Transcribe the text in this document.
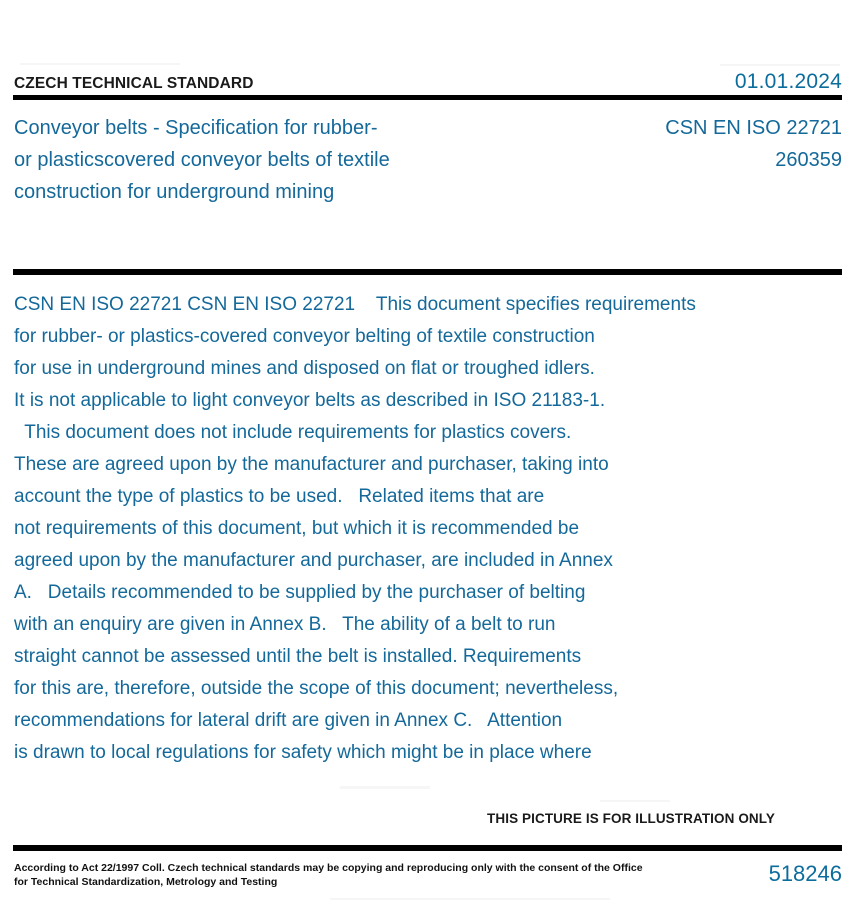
CZECH TECHNICAL STANDARD	01.01.2024
Conveyor belts - Specification for rubber-	CSN EN ISO 22721
or plasticscovered conveyor belts of textile	260359
construction for underground mining
CSN EN ISO 22721 CSN EN ISO 22721    This document specifies requirements
for rubber- or plastics-covered conveyor belting of textile construction
for use in underground mines and disposed on flat or troughed idlers.
It is not applicable to light conveyor belts as described in ISO 21183-1.
This document does not include requirements for plastics covers.
These are agreed upon by the manufacturer and purchaser, taking into
account the type of plastics to be used.   Related items that are
not requirements of this document, but which it is recommended be
agreed upon by the manufacturer and purchaser, are included in Annex
A.   Details recommended to be supplied by the purchaser of belting
with an enquiry are given in Annex B.   The ability of a belt to run
straight cannot be assessed until the belt is installed. Requirements
for this are, therefore, outside the scope of this document; nevertheless,
recommendations for lateral drift are given in Annex C.   Attention
is drawn to local regulations for safety which might be in place where
THIS PICTURE IS FOR ILLUSTRATION ONLY
According to Act 22/1997 Coll. Czech technical standards may be copying and reproducing only with the consent of the Office
for Technical Standardization, Metrology and Testing	518246
